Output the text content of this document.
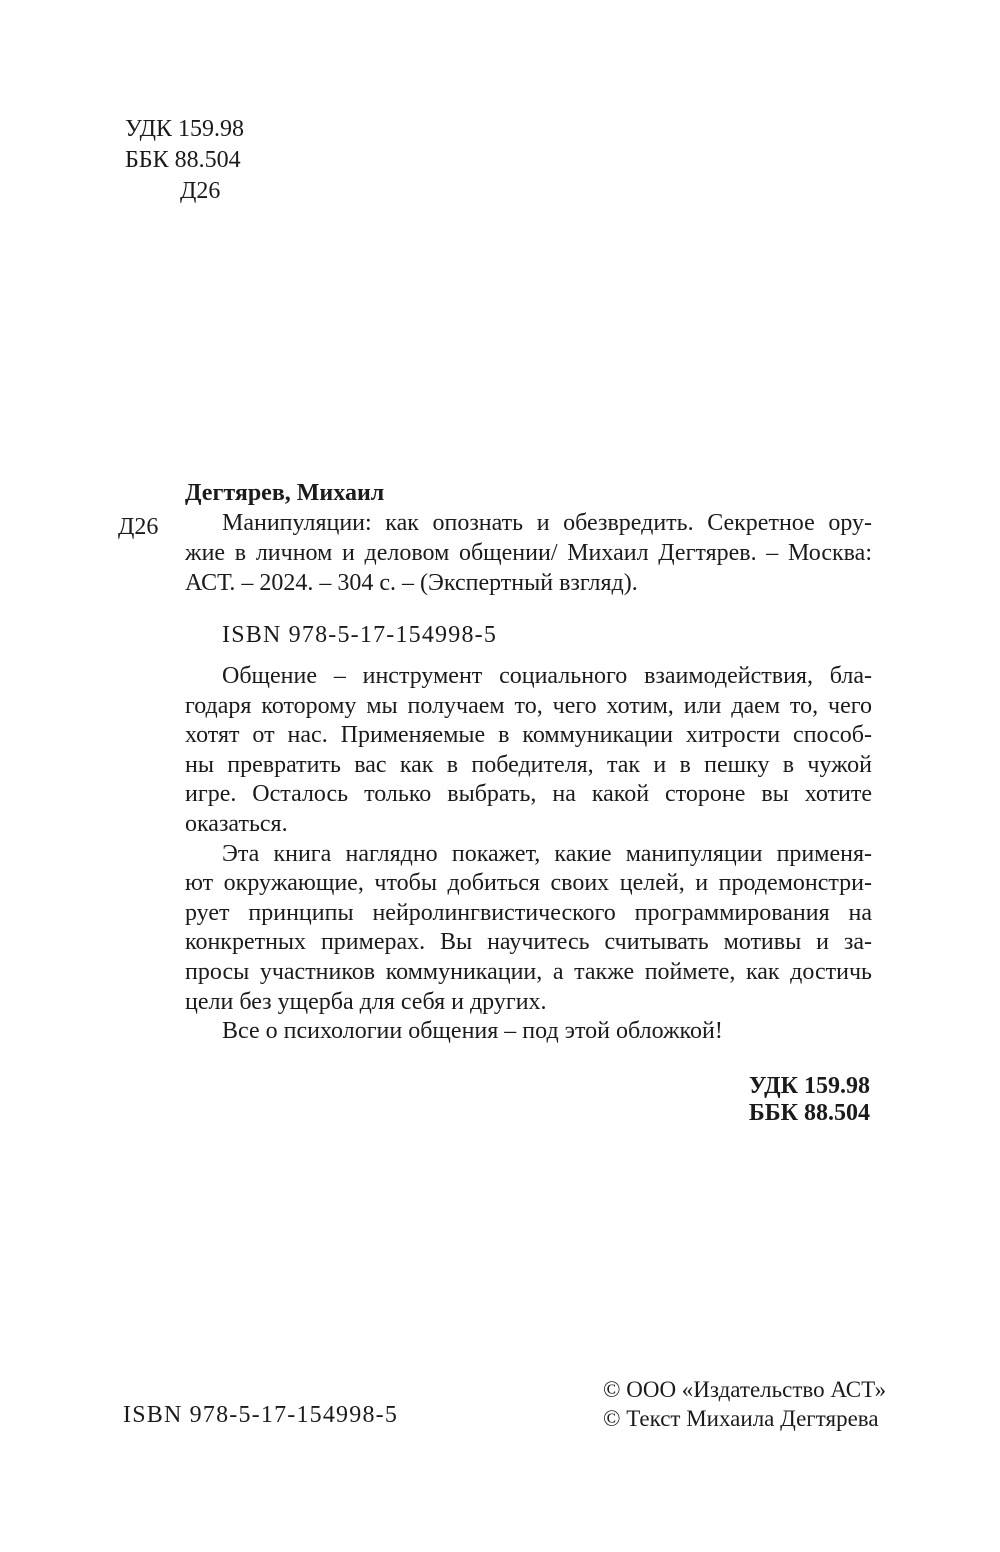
УДК 159.98
ББК 88.504
Д26
Д26
Дегтярев, Михаил
Манипуляции: как опознать и обезвредить. Секретное ору-
жие в личном и деловом общении/ Михаил Дегтярев. – Москва:
АСТ. – 2024. – 304 с. – (Экспертный взгляд).
ISBN 978-5-17-154998-5
Общение – инструмент социального взаимодействия, бла-
годаря которому мы получаем то, чего хотим, или даем то, чего
хотят от нас. Применяемые в коммуникации хитрости способ-
ны превратить вас как в победителя, так и в пешку в чужой
игре. Осталось только выбрать, на какой стороне вы хотите
оказаться.
Эта книга наглядно покажет, какие манипуляции применя-
ют окружающие, чтобы добиться своих целей, и продемонстри-
рует принципы нейролингвистического программирования на
конкретных примерах. Вы научитесь считывать мотивы и за-
просы участников коммуникации, а также поймете, как достичь
цели без ущерба для себя и других.
Все о психологии общения – под этой обложкой!
УДК 159.98
ББК 88.504
ISBN 978-5-17-154998-5
© ООО «Издательство АСТ»
© Текст Михаила Дегтярева
